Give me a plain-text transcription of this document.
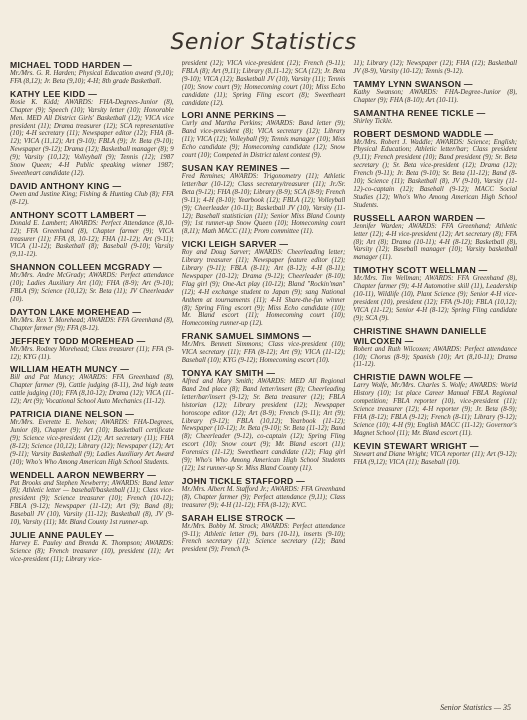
Senior Statistics
MICHAEL TODD HARDEN —
Mr./Mrs. G. R. Harden; Physical Education award (9,10); FFA (8,12); Jr. Beta (9,10); 4-H; 8th grade Basketball.
KATHY LEE KIDD —
Rosie K. Kidd; AWARDS: FHA-Degrees-Junior (8), Chapter (9); Speech (10); Varsity letter (10); Honorable Men. MED All District Girls' Basketball (12); VICA vice president (11); Drama treasurer (12); SCA representative (10); 4-H secretary (11); Newspaper editor (12); FHA (8-12); VICA (11,12); Art (9-10); FBLA (9); Jr. Beta (9-10); Newspaper (9-12); Drama (12); Basketball manager (8); 9 (9); Varsity (10,12); Volleyball (9); Tennis (12); 1987 Snow Queen; 4-H Public speaking winner 1987; Sweetheart candidate (12).
DAVID ANTHONY KING —
Owen and Justine King; Fishing & Hunting Club (8); FFA (8-12).
ANTHONY SCOTT LAMBERT —
Donald E. Lambert; AWARDS: Perfect Attendance (8,10-12); FFA Greenhand (8), Chapter farmer (9); VICA treasurer (11); FFA (8, 10-12); FHA (11-12); Art (9-11); VICA (11-12); Basketball (8); Baseball (9-10); Varsity (9,11-12).
SHANNON COLLEEN MCGRADY —
Mr./Mrs. Andre McGrady; AWARDS: Perfect attendance (10); Ladies Auxiliary Art (10); FHA (8-9); Art (9-10); FBLA (9); Science (10,12); Sr. Beta (11); JV Cheerleader (10).
DAYTON LAKE MOREHEAD —
Mr./Mrs. Rex Y. Morehead; AWARDS: FFA Greenhand (8), Chapter farmer (9); FFA (8-12).
JEFFREY TODD MOREHEAD —
Mr./Mrs. Rodney Morehead; Class treasurer (11); FFA (9-12); KYG (11).
WILLIAM HEATH MUNCY —
Bill and Pat Muncy; AWARDS: FFA Greenhand (8), Chapter farmer (9), Cattle judging (8-11), 2nd high team cattle judging (10); FFA (8,10-12); Drama (12); VICA (11-12); Art (9); Vocational School Auto Mechanics (11-12).
PATRICIA DIANE NELSON —
Mr./Mrs. Everette E. Nelson; AWARDS: FHA-Degrees, Junior (8), Chapter (9); Art (10); Basketball certificate (9); Science vice-president (12); Art secretary (11); FHA (8-12); Science (10,12); Library (12); Newspaper (12); Art (9-11); Varsity Basketball (9); Ladies Auxiliary Art Award (10); Who's Who Among American High School Students.
WENDELL AARON NEWBERRY —
Pat Brooks and Stephen Newberry; AWARDS: Band letter (8); Athletic letter — baseball/basketball (11); Class vice-president (9); Science treasurer (10); French (10-12); FBLA (9-12); Newspaper (11-12); Art (9); Band (8); Baseball JV (10), Varsity (11-12); Basketball (8), JV (9-10), Varsity (11); Mr. Bland County 1st runner-up.
JULIE ANNE PAULEY —
Harvey E. Pauley and Brenda K. Thompson; AWARDS: Science (8); French treasurer (10), president (11); Art vice-president (11); Library vice-
president (12); VICA vice-president (12); French (9-11); FBLA (8); Art (9,11); Library (8,11-12); SCA (12); Jr. Beta (9-10); VICA (12); Basketball JV (10), Varsity (11); Tennis (10); Snow court (9); Homecoming court (10); Miss Echo candidate (11); Spring Fling escort (8); Sweetheart candidate (12).
LORI ANNE PERKINS —
Curly and Martha Perkins; AWARDS: Band letter (9); Band vice-president (8); VICA secretary (12); Library (11); VICA (12); Volleyball (9); Tennis manager (10); Miss Echo candidate (9); Homecoming candidate (12); Snow court (10); Competed in District talent contest (9).
SUSAN KAY REMINES —
Fred Remines; AWARDS: Trigonometry (11); Athletic letter/bar (10-12); Class secretary/treasurer (11); Jr./Sr. Beta (9-12); FHA (8-10); Library (8-9); SCA (8-9); French (9-11); 4-H (8-10); Yearbook (12); FBLA (12); Volleyball (9); Cheerleader (10-11); Basketball JV (10), Varsity (11-12); Baseball statistician (11); Senior Miss Bland County (9); 1st runner-up Snow Queen (10); Homecoming court (8,11); Math MACC (11); Prom committee (11).
VICKI LEIGH SARVER —
Roy and Doug Sarver; AWARDS: Cheerleading letter; Library treasurer (11); Newspaper feature editor (12); Library (9-11); FBLA (8-11); Art (8-12); 4-H (8-11); Newspaper (10-12); Drama (9-12); Cheerleader (8-10); Flag girl (9); One-Act play (10-12); Bland "Rockin'man" (12); 4-H exchange student to Japan (9); sang National Anthem at tournaments (11); 4-H Share-the-fun winner (8); Spring Fling escort (9); Miss Echo candidate (10); Mr. Bland escort (11); Homecoming court (10); Homecoming runner-up (12).
FRANK SAMUEL SIMMONS —
Mr./Mrs. Bennett Simmons; Class vice-president (10); VICA secretary (11); FFA (8-12); Art (9); VICA (11-12); Baseball (10); KYG (9-12); Homecoming escort (10).
TONYA KAY SMITH —
Alfred and Mary Smith; AWARDS: MED All Regional Band 2nd place (8); Band letter/insert (8); Cheerleading letter/bar/insert (9-12); Sr. Beta treasurer (12); FBLA historian (12); Library president (12); Newspaper horoscope editor (12); Art (8-9); French (9-11); Art (9); Library (9-12); FBLA (10,12); Yearbook (11-12); Newspaper (10-12); Jr. Beta (9-10); Sr. Beta (11-12); Band (8); Cheerleader (9-12), co-captain (12); Spring Fling escort (10); Snow court (9); Mr. Bland escort (11); Forensics (11-12); Sweetheart candidate (12); Flag girl (9); Who's Who Among American High School Students (12); 1st runner-up Sr. Miss Bland County (11).
JOHN TICKLE STAFFORD —
Mr./Mrs. Albert M. Stafford Jr.; AWARDS: FFA Greenhand (8), Chapter farmer (9); Perfect attendance (9,11); Class treasurer (9); 4-H (11-12); FFA (8-12); KVC.
SARAH ELISE STROCK —
Mr./Mrs. Bobby M. Strock; AWARDS: Perfect attendance (9-11); Athletic letter (9), bars (10-11), inserts (9-10); French secretary (11); Science secretary (12); Band president (9); French (9-
11); Library (12); Newspaper (12); FHA (12); Basketball JV (8-9), Varsity (10-12); Tennis (9-12).
TAMMY LYNN SWANSON —
Kathy Swanson; AWARDS: FHA-Degree-Junior (8), Chapter (9); FHA (8-10); Art (10-11).
SAMANTHA RENEE TICKLE —
Shirley Tickle.
ROBERT DESMOND WADDLE —
Mr./Mrs. Robert J. Waddle; AWARDS: Science; English; Physical Education; Athletic letter/bar; Class president (9,11); French president (10); Band president (9); Sr. Beta secretary (); Sr. Beta vice-president (12); Drama (12); French (9-11); Jr. Beta (9-10); Sr. Beta (11-12); Band (8-10); Science (11); Basketball (8), JV (9-10), Varsity (11-12)-co-captain (12); Baseball (9-12); MACC Social Studies (12); Who's Who Among American High School Students.
RUSSELL AARON WARDEN —
Jennifer Warden; AWARDS: FFA Greenhand; Athletic letter (12); 4-H vice-president (12); Art secretary (8); FFA (8); Art (8); Drama (10-11); 4-H (8-12); Basketball (8), Varsity (12); Baseball manager (10); Varsity basketball manager (11).
TIMOTHY SCOTT WELLMAN —
Mr./Mrs. Tim Wellman; AWARDS: FFA Greenhand (8), Chapter farmer (9); 4-H Automotive skill (11), Leadership (10-11), Wildlife (10), Plant Science (9); Senior 4-H vice-president (10), president (12); FFA (9-10); FBLA (10,12); VICA (11-12); Senior 4-H (8-12); Spring Fling candidate (9); SCA (9).
CHRISTINE SHAWN DANIELLE WILCOXEN —
Robert and Ruth Wilcoxen; AWARDS: Perfect attendance (10); Chorus (8-9); Spanish (10); Art (8,10-11); Drama (11-12).
CHRISTIE DAWN WOLFE —
Larry Wolfe, Mr./Mrs. Charles S. Wolfe; AWARDS: World History (10); 1st place Career Manual FBLA Regional competition; FBLA reporter (10), vice-president (11); Science treasurer (12); 4-H reporter (9); Jr. Beta (8-9); FHA (8-12); FBLA (9-12); French (8-11); Library (9-12); Science (10); 4-H (9); English MACC (11-12); Governor's Magnet School (11); Mr. Bland escort (11).
KEVIN STEWART WRIGHT —
Stewart and Diane Wright; VICA reporter (11); Art (9-12); FHA (9,12); VICA (11); Baseball (10).
Senior Statistics — 35
